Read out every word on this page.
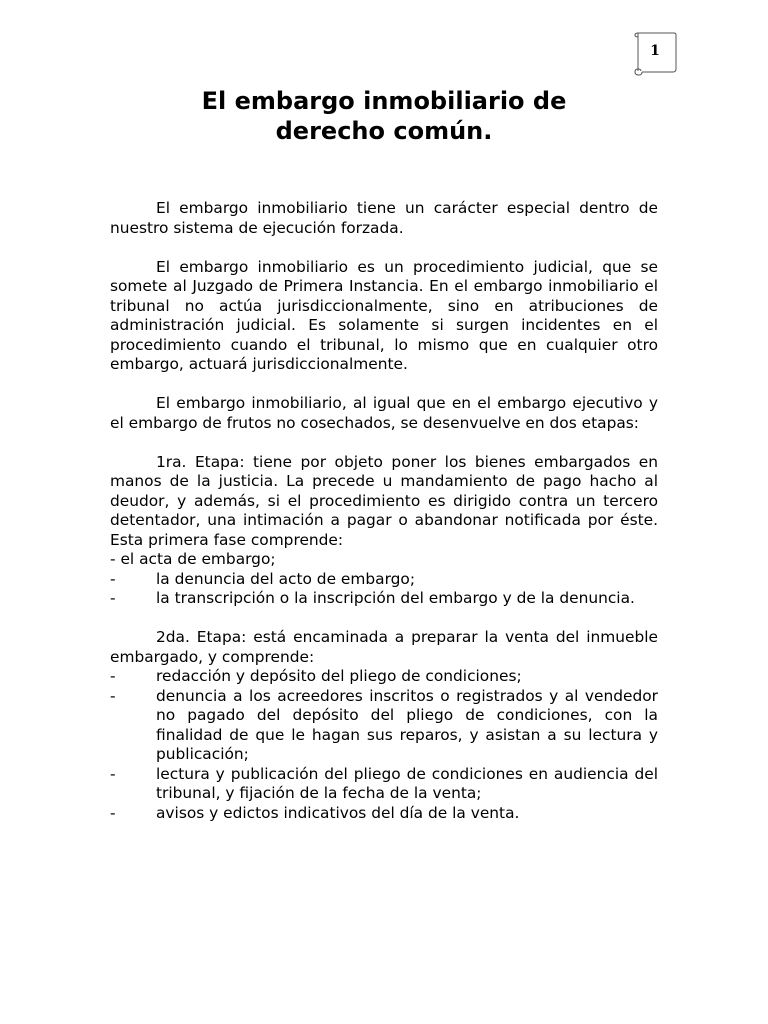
1
El embargo inmobiliario de
derecho común.

El embargo inmobiliario tiene un carácter especial dentro de nuestro sistema de ejecución forzada.

El embargo inmobiliario es un procedimiento judicial, que se somete al Juzgado de Primera Instancia. En el embargo inmobiliario el tribunal no actúa jurisdiccionalmente, sino en atribuciones de administración judicial. Es solamente si surgen incidentes en el procedimiento cuando el tribunal, lo mismo que en cualquier otro embargo, actuará jurisdiccionalmente.

El embargo inmobiliario, al igual que en el embargo ejecutivo y el embargo de frutos no cosechados, se desenvuelve en dos etapas:

1ra. Etapa: tiene por objeto poner los bienes embargados en manos de la justicia. La precede u mandamiento de pago hacho al deudor, y además, si el procedimiento es dirigido contra un tercero detentador, una intimación a pagar o abandonar notificada por éste. Esta primera fase comprende:

- el acta de embargo;

-	la denuncia del acto de embargo;

-	la transcripción o la inscripción del embargo y de la denuncia.

2da. Etapa: está encaminada a preparar la venta del inmueble embargado, y comprende:

-	redacción y depósito del pliego de condiciones;

-	denuncia a los acreedores inscritos o registrados y al vendedor no pagado del depósito del pliego de condiciones, con la finalidad de que le hagan sus reparos, y asistan a su lectura y publicación;

-	lectura y publicación del pliego de condiciones en audiencia del tribunal, y fijación de la fecha de la venta;

-	avisos y edictos indicativos del día de la venta.
